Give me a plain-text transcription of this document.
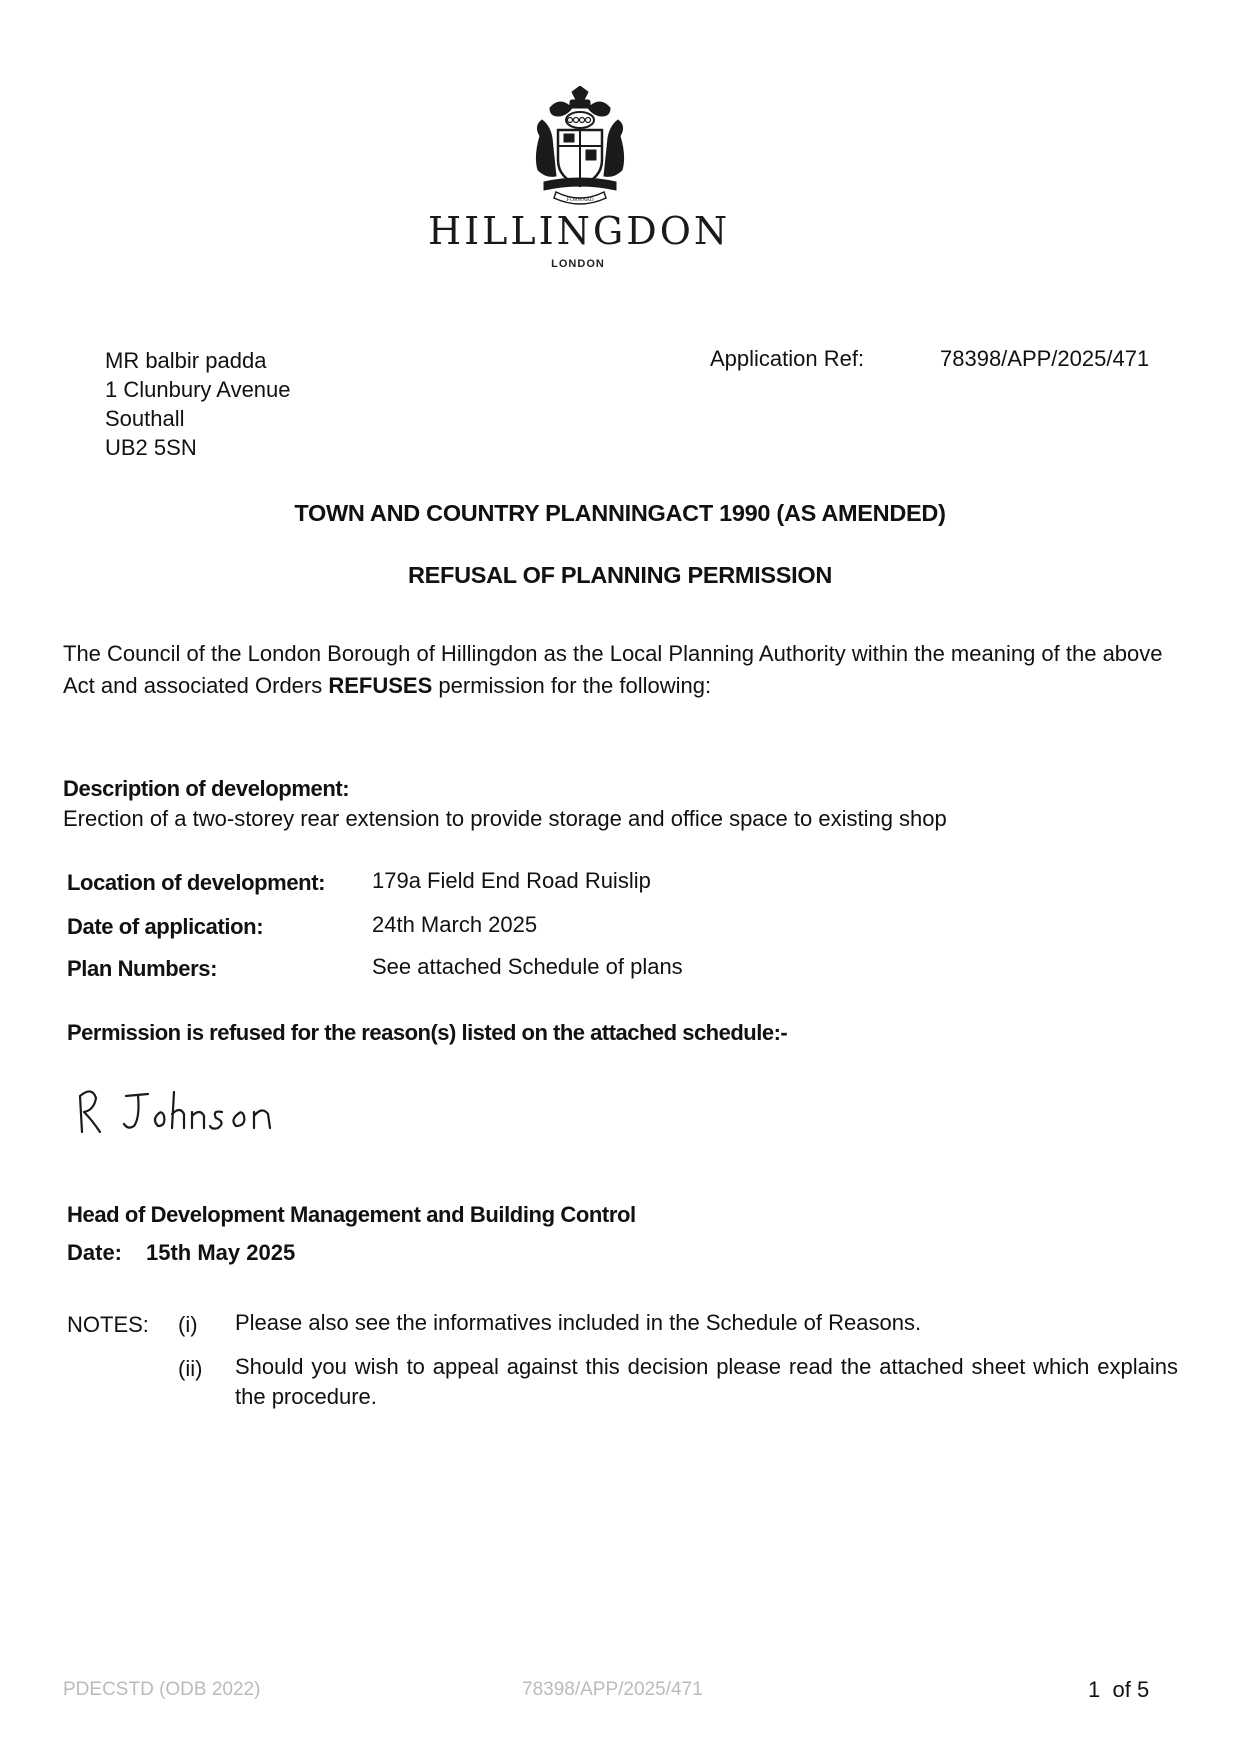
FORWARD
HILLINGDON
LONDON
MR balbir padda
1 Clunbury Avenue
Southall
UB2 5SN
Application Ref:	78398/APP/2025/471
TOWN AND COUNTRY PLANNINGACT 1990 (AS AMENDED)
REFUSAL OF PLANNING PERMISSION
The Council of the London Borough of Hillingdon as the Local Planning Authority within the meaning of the above Act and associated Orders REFUSES permission for the following:
Description of development:
Erection of a two-storey rear extension to provide storage and office space to existing shop
Location of development: 179a Field End Road Ruislip
Date of application:	24th March 2025
Plan Numbers:	See attached Schedule of plans
Permission is refused for the reason(s) listed on the attached schedule:-
Head of Development Management and Building Control
Date: 15th May 2025
NOTES: (i) Please also see the informatives included in the Schedule of Reasons.
(ii) Should you wish to appeal against this decision please read the attached sheet which explains the procedure.
PDECSTD (ODB 2022)	78398/APP/2025/471	1 of 5
